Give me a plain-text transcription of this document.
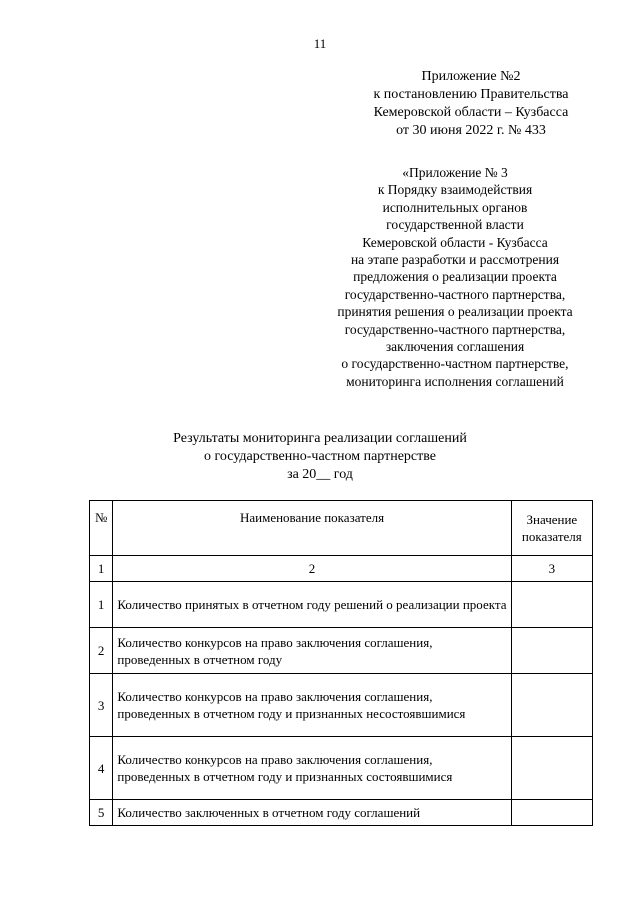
11
Приложение №2
к постановлению Правительства
Кемеровской области – Кузбасса
от 30 июня 2022 г. № 433
«Приложение № 3
к Порядку взаимодействия
исполнительных органов
государственной власти
Кемеровской области - Кузбасса
на этапе разработки и рассмотрения
предложения о реализации проекта
государственно-частного партнерства,
принятия решения о реализации проекта
государственно-частного партнерства,
заключения соглашения
о государственно-частном партнерстве,
мониторинга исполнения соглашений
Результаты мониторинга реализации соглашений
о государственно-частном партнерстве
за 20__ год
№	Наименование показателя	Значение показателя
1	2	3
1	Количество принятых в отчетном году решений о реализации проекта	
2	Количество конкурсов на право заключения соглашения, проведенных в отчетном году	
3	Количество конкурсов на право заключения соглашения, проведенных в отчетном году и признанных несостоявшимися	
4	Количество конкурсов на право заключения соглашения, проведенных в отчетном году и признанных состоявшимися	
5	Количество заключенных в отчетном году соглашений	
